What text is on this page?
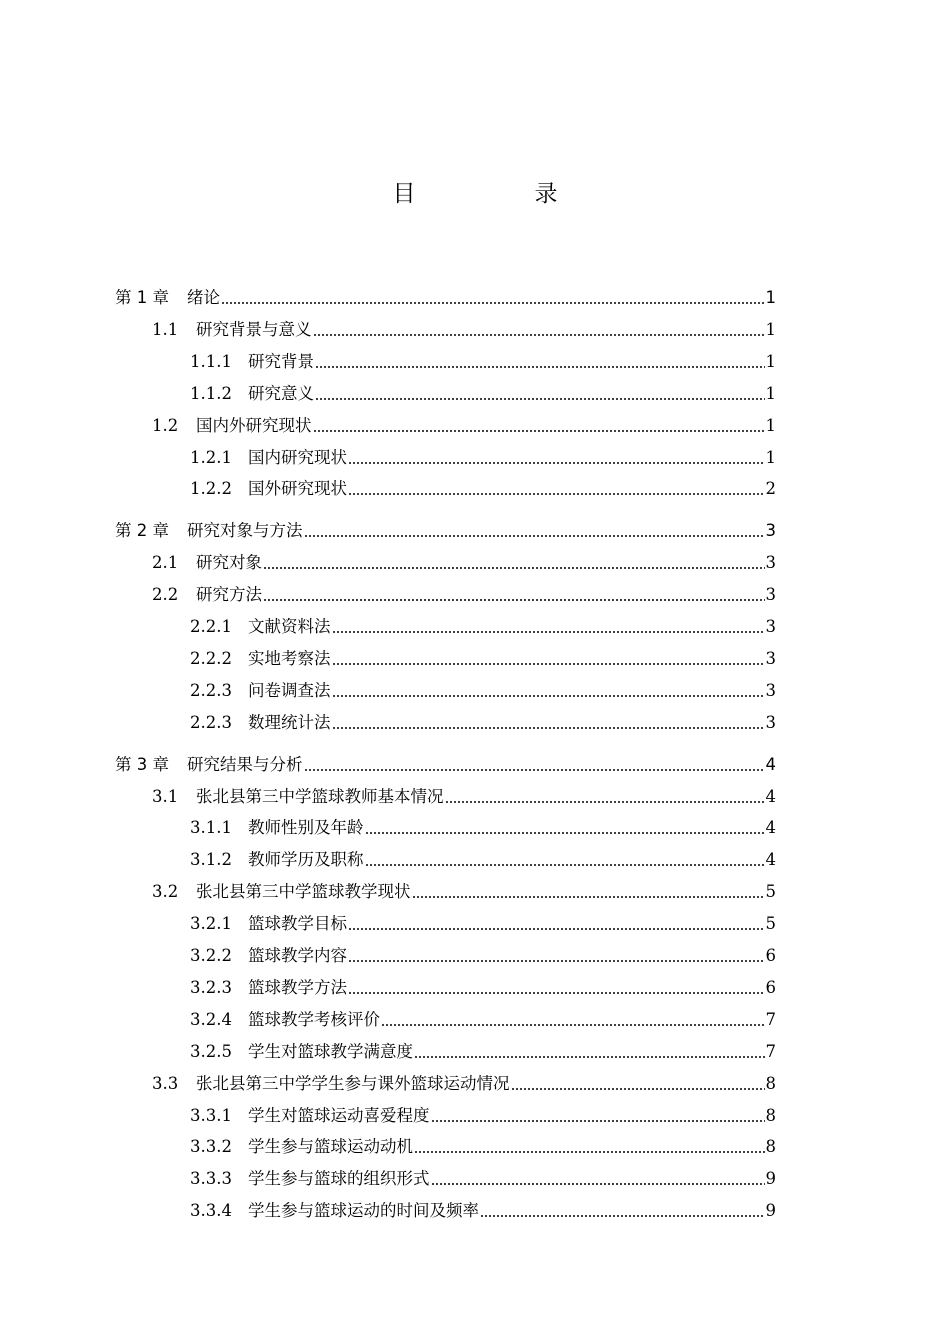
目　录
第 1 章	绪论	1
1.1	研究背景与意义	1
1.1.1 研究背景	1
1.1.2 研究意义	1
1.2	国内外研究现状	1
1.2.1 国内研究现状	1
1.2.2 国外研究现状	2
第 2 章	研究对象与方法	3
2.1	研究对象	3
2.2	研究方法	3
2.2.1 文献资料法	3
2.2.2 实地考察法	3
2.2.3 问卷调查法	3
2.2.3 数理统计法	3
第 3 章	研究结果与分析	4
3.1	张北县第三中学篮球教师基本情况	4
3.1.1 教师性别及年龄	4
3.1.2 教师学历及职称	4
3.2	张北县第三中学篮球教学现状	5
3.2.1 篮球教学目标	5
3.2.2 篮球教学内容	6
3.2.3 篮球教学方法	6
3.2.4 篮球教学考核评价	7
3.2.5 学生对篮球教学满意度	7
3.3	张北县第三中学学生参与课外篮球运动情况	8
3.3.1 学生对篮球运动喜爱程度	8
3.3.2 学生参与篮球运动动机	8
3.3.3 学生参与篮球的组织形式	9
3.3.4 学生参与篮球运动的时间及频率	9
